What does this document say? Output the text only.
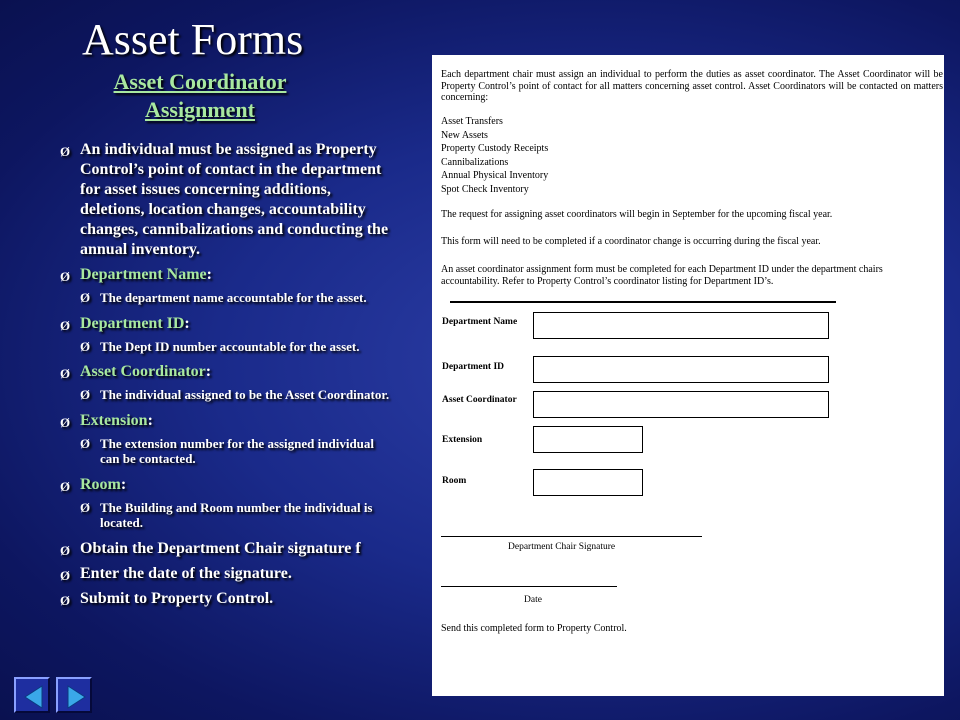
Asset Forms
Asset Coordinator Assignment
Ø An individual must be assigned as Property Control’s point of contact in the department for asset issues concerning additions, deletions, location changes, accountability changes, cannibalizations and conducting the annual inventory.
Ø Department Name:
Ø The department name accountable for the asset.
Ø Department ID:
Ø The Dept ID number accountable for the asset.
Ø Asset Coordinator:
Ø The individual assigned to be the Asset Coordinator.
Ø Extension:
Ø The extension number for the assigned individual can be contacted.
Ø Room:
Ø The Building and Room number the individual is located.
Ø Obtain the Department Chair signature f
Ø Enter the date of the signature.
Ø Submit to Property Control.

Each department chair must assign an individual to perform the duties as asset coordinator. The Asset Coordinator will be Property Control’s point of contact for all matters concerning asset control. Asset Coordinators will be contacted on matters concerning:

Asset Transfers
New Assets
Property Custody Receipts
Cannibalizations
Annual Physical Inventory
Spot Check Inventory

The request for assigning asset coordinators will begin in September for the upcoming fiscal year.

This form will need to be completed if a coordinator change is occurring during the fiscal year.

An asset coordinator assignment form must be completed for each Department ID under the department chairs accountability. Refer to Property Control’s coordinator listing for Department ID’s.

Department Name
Department ID
Asset Coordinator
Extension
Room
Department Chair Signature
Date

Send this completed form to Property Control.
